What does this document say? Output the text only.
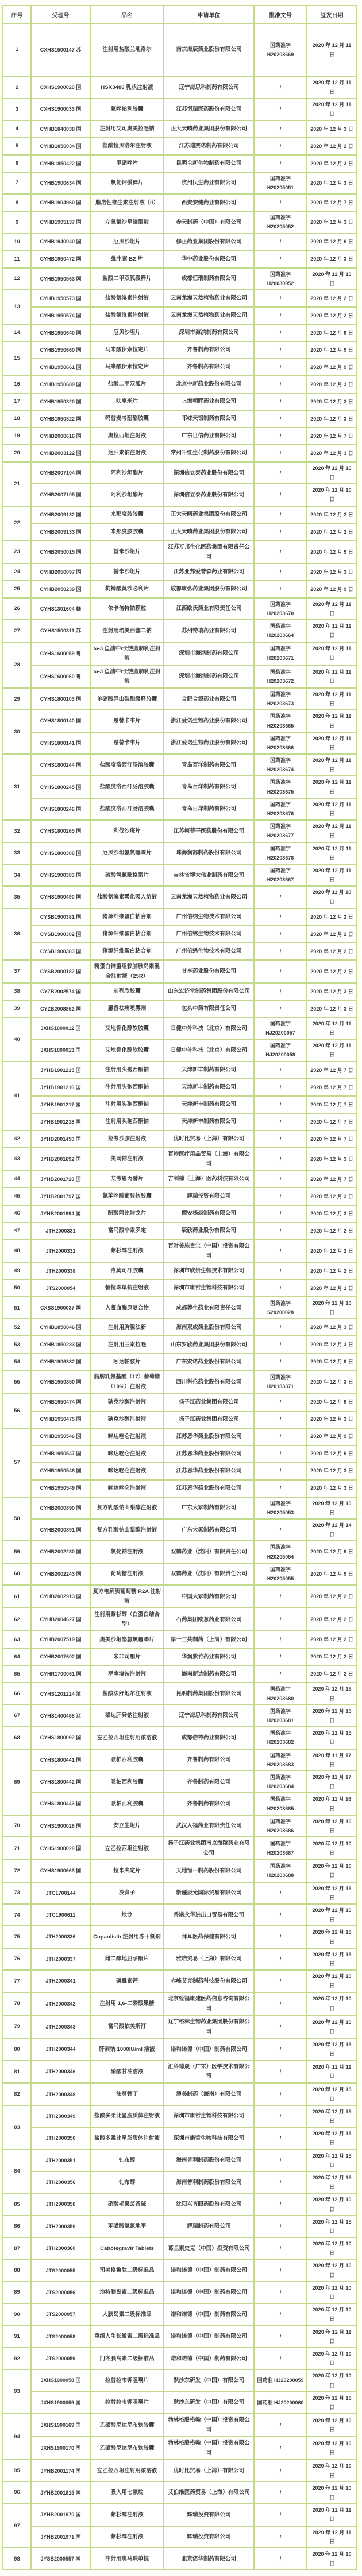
序号	受理号	品名	申请单位	批准文号	签发日期
1	CXHS1500147 苏	注射用盐酸兰地洛尔	南京海辰药业股份有限公司	国药准字 H20203669	2020 年 12 月 11 日
2	CXHS1900020 国	HSK3486 乳状注射液	辽宁海思科制药有限公司	/	2020 年 12 月 11 日
3	CXHS1900033 国	氟唑帕利胶囊	江苏恒瑞医药股份有限公司	/	2020 年 12 月 11 日
4	CYHB1840038 国	注射用艾司奥美拉唑钠	正大天晴药业集团股份有限公司	/	2020 年 12 月 3 日
5	CYHB1850034 国	盐酸拉贝洛尔注射液	江苏迪赛诺制药有限公司	/	2020 年 12 月 2 日
6	CYHB1850422 国	甲硝唑片	昆明全新生物制药有限公司	/	2020 年 12 月 3 日
7	CYHB1900634 国	氯化钾缓释片	杭州民生药业有限公司	国药准字 H20205051	2020 年 12 月 3 日
8	CYHB1904960 国	脂溶性维生素注射液（II）	西安安健药业有限公司	/	2020 年 12 月 7 日
9	CYHB1905137 国	左氧氟沙星滴眼液	参天制药（中国）有限公司	国药准字 H20205052	2020 年 12 月 3 日
10	CYHB1940040 国	厄贝沙坦片	修正药业集团股份有限公司	/	2020 年 12 月 9 日
11	CYHB1950472 国	维生素 B2 片	华中药业股份有限公司	/	2020 年 12 月 3 日
12	CYHB1950563 国	盐酸二甲双胍缓释片	成都恒瑞制药有限公司	国药准字 H20030952	2020 年 12 月 10 日
13	CYHB1950573 国	盐酸氨溴索注射液	云南龙海天然植物药业有限公司	/	2020 年 12 月 2 日
	CYHB1950574 国	盐酸氨溴索注射液	云南龙海天然植物药业有限公司	/	2020 年 12 月 2 日
14	CYHB1950640 国	厄贝沙坦片	深圳市海滨制药有限公司	/	2020 年 12 月 9 日
15	CYHB1950660 国	马来酸伊索拉定片	齐鲁制药有限公司	/	2020 年 12 月 9 日
	CYHB1950661 国	马来酸伊索拉定片	齐鲁制药有限公司	/	2020 年 12 月 9 日
16	CYHB1950689 国	盐酸二甲双胍片	北京中新药业股份有限公司	/	2020 年 12 月 3 日
17	CYHB1950820 国	呋塞米片	上海朝晖药业有限公司	/	2020 年 12 月 3 日
18	CYHB1950822 国	吗替麦考酚酯胶囊	邛崃天银制药有限公司	/	2020 年 12 月 3 日
19	CYHB2000616 国	奥拉西坦注射液	广东世信药业有限公司	/	2020 年 12 月 7 日
20	CYHB2003122 国	达肝素钠注射液	常州千红生化制药股份有限公司	/	2020 年 12 月 3 日
21	CYHB2007104 国	阿利沙坦酯片	深圳信立泰药业股份有限公司	/	2020 年 12 月 10 日
	CYHB2007105 国	阿利沙坦酯片	深圳信立泰药业股份有限公司	/	2020 年 12 月 10 日
22	CYHB2009132 国	来那度胺胶囊	正大天晴药业集团股份有限公司	/	2020 年 12 月 2 日
	CYHB2009133 国	来那度胺胶囊	正大天晴药业集团股份有限公司	/	2020 年 12 月 2 日
23	CYHB2050015 国	替米沙坦片	江苏万邦生化医药集团有限责任公司	/	2020 年 12 月 9 日
24	CYHB2050097 国	替米沙坦片	江苏亚邦爱普森药业有限公司	/	2020 年 12 月 3 日
25	CYHB2050239 国	枸橼酸莫沙必利片	成都康弘药业集团股份有限公司	/	2020 年 12 月 9 日
26	CYHS1301604 赣	依卡倍特钠颗粒	江西欧氏药业有限责任公司	国药准字 H20203670	2020 年 12 月 11 日
27	CYHS1500311 苏	注射用培美曲塞二钠	苏州特瑞药业有限公司	国药准字 H20203664	2020 年 12 月 11 日
28	CYHS1600059 粤	ω-3 鱼油中/长链脂肪乳注射液	深圳市海滨制药有限公司	国药准字 H20203671	2020 年 12 月 11 日
	CYHS1600060 粤	ω-3 鱼油中/长链脂肪乳注射液	深圳市海滨制药有限公司	国药准字 H20203672	2020 年 12 月 11 日
29	CYHS1800103 国	单硝酸异山梨酯缓释胶囊	合肥合源药业有限公司	国药准字 H20203673	2020 年 12 月 11 日
30	CYHS1800140 国	恩替卡韦片	浙江爱诺生物药业股份有限公司	国药准字 H20203665	2020 年 12 月 11 日
	CYHS1800141 国	恩替卡韦片	浙江爱诺生物药业股份有限公司	国药准字 H20203666	2020 年 12 月 11 日
31	CYHS1800244 国	盐酸度洛西汀肠溶胶囊	青岛百洋制药有限公司	国药准字 H20203674	2020 年 12 月 11 日
	CYHS1800245 国	盐酸度洛西汀肠溶胶囊	青岛百洋制药有限公司	国药准字 H20203675	2020 年 12 月 11 日
	CYHS1800246 国	盐酸度洛西汀肠溶胶囊	青岛百洋制药有限公司	国药准字 H20203676	2020 年 12 月 11 日
32	CYHS1800265 国	利伐沙班片	江苏柯菲平医药股份有限公司	国药准字 H20203677	2020 年 12 月 11 日
33	CYHS1800388 国	厄贝沙坦氢氯噻嗪片	珠海润都制药股份有限公司	国药准字 H20203678	2020 年 12 月 11 日
34	CYHS1900383 国	硫酸氢氯吡格雷片	吉林省博大伟业制药有限公司	国药准字 H20203667	2020 年 12 月 11 日
35	CYHS1900490 国	盐酸氨溴索雾化吸入溶液	云南龙海天然植物药业有限公司	/	2020 年 11 月 10 日
36	CYSB1900381 国	猪源纤维蛋白粘合剂	广州倍绣生物技术有限公司	/	2020 年 12 月 2 日
	CYSB1900382 国	猪源纤维蛋白粘合剂	广州倍绣生物技术有限公司	/	2020 年 12 月 2 日
	CYSB1900383 国	猪源纤维蛋白粘合剂	广州倍绣生物技术有限公司	/	2020 年 12 月 2 日
37	CYSB2000182 国	精蛋白锌重组赖脯胰岛素混合注射液（25R）	甘李药业股份有限公司	/	2020 年 12 月 2 日
38	CYZB2002574 国	前列欣胶囊	山东宏济堂制药集团股份有限公司	/	2020 年 12 月 3 日
39	CYZB2008852 国	麝香祛痛喷雾剂	包头中药有限责任公司	/	2020 年 12 月 3 日
40	JXHS1800012 国	艾地骨化醇软胶囊	日健中外科技（北京）有限公司	国药准字 HJ20200057	2020 年 12 月 11 日
	JXHS1800013 国	艾地骨化醇软胶囊	日健中外科技（北京）有限公司	国药准字 HJ20200058	2020 年 12 月 11 日
41	JYHB1901215 国	注射用头孢西酮钠	天津新丰制药有限公司	/	2020 年 12 月 7 日
	JYHB1901216 国	注射用头孢西酮钠	天津新丰制药有限公司	/	2020 年 12 月 7 日
	JYHB1901217 国	注射用头孢西酮钠	天津新丰制药有限公司	/	2020 年 12 月 7 日
	JYHB1901218 国	注射用头孢西酮钠	天津新丰制药有限公司	/	2020 年 12 月 7 日
42	JYHB2001450 国	拉考沙胺注射液	优时比贸易（上海）有限公司	/	2020 年 12 月 7 日
43	JYHB2001692 国	美司钠注射液	百特医疗用品贸易（上海）有限公司	/	2020 年 12 月 3 日
44	JYHB2001728 国	艾考恩丙替片	吉利德（上海）医药科技有限公司	/	2020 年 12 月 7 日
45	JYHB2001797 国	氯苯唑酸葡胺软胶囊	辉瑞投资有限公司	/	2020 年 12 月 3 日
46	JYHB2001994 国	醋酸阿比特龙片	西安杨森制药有限公司	/	2020 年 12 月 3 日
47	JTH2000331	富马酸非索罗定	辰欣药业股份有限公司	/	2020 年 12 月 2 日
48	JTH2000332	紫杉醇注射液	百时美施贵宝（中国）投资有限公司	/	2020 年 12 月 2 日
49	JTH2000338	洛莫司汀胶囊	深圳市欣妍生物技术有限公司	/	2020 年 12 月 2 日
50	JTS2000054	替拉珠单抗注射液	深圳市康哲生物科技有限公司	/	2020 年 12 月 1 日
51	CXSS1900037 国	人凝血酶原复合物	成都蓉生药业有限责任公司	国药准字 S20200028	2020 年 12 月 10 日
52	CYHB1850046 国	注射用胸腺法新	海南双成药业股份有限公司	/	2020 年 12 月 3 日
53	CYHB1850283 国	注射用兰索拉唑	山东罗欣药业集团股份有限公司	/	2020 年 12 月 3 日
54	CYHB1906332 国	吲达帕胺片	广东安诺药业股份有限公司	/	2020 年 12 月 9 日
55	CYHB1950350 国	脂肪乳氨基酸（17）葡萄糖（19%）注射液	四川科伦药业股份有限公司	国药准字 H20183371	2020 年 12 月 3 日
56	CYHB1950474 国	碘克沙醇注射液	扬子江药业集团有限公司	/	2020 年 12 月 9 日
	CYHB1950475 国	碘克沙醇注射液	扬子江药业集团有限公司	/	2020 年 12 月 3 日
57	CYHB1950546 国	咪达唑仑注射液	江苏恩华药业股份有限公司	/	2020 年 12 月 9 日
	CYHB1950547 国	咪达唑仑注射液	江苏恩华药业股份有限公司	/	2020 年 12 月 9 日
	CYHB1950548 国	咪达唑仑注射液	江苏恩华药业股份有限公司	/	2020 年 12 月 3 日
	CYHB1950549 国	咪达唑仑注射液	江苏恩华药业股份有限公司	/	2020 年 12 月 3 日
58	CYHB2000890 国	复方乳酸钠山梨醇注射液	广东大冢制药有限公司	国药准字 H20205053	2020 年 12 月 10 日
	CYHB2000891 国	复方乳酸钠山梨醇注射液	广东大冢制药有限公司	/	2020 年 12 月 14 日
59	CYHB2002230 国	氯化钠注射液	双鹤药业（沈阳）有限责任公司	国药准字 H20205054	2020 年 12 月 9 日
60	CYHB2002243 国	葡萄糖注射液	双鹤药业（沈阳）有限责任公司	国药准字 H20205055	2020 年 12 月 9 日
61	CYHB2002913 国	复方电解质葡萄糖 R2A 注射液	中国大冢制药有限公司	/	2020 年 12 月 2 日
62	CYHB2004627 国	注射用紫杉醇（白蛋白结合型）	石药集团欧意药业有限公司	/	2020 年 12 月 2 日
63	CYHB2007519 国	奥美沙坦酯氢氯噻嗪片	第一三共制药（上海）有限公司	/	2020 年 12 月 2 日
64	CYHB2007602 国	米非司酮片	华润紫竹药业有限公司	/	2020 年 12 月 2 日
65	CYHR1700061 国	罗库溴铵注射液	海南斯达制药有限公司	/	2020 年 12 月 2 日
66	CYHS1201224 滇	盐酸法舒地尔注射液	昆明制药集团股份有限公司	国药准字 H20203680	2020 年 12 月 15 日
67	CYHS1400458 辽	磺达肝癸钠注射液	辽宁海思科制药有限公司	国药准字 H20203681	2020 年 12 月 15 日
68	CYHS1800092 国	左乙拉西坦注射用浓溶液	成都倍特药业有限公司	国药准字 H20203682	2020 年 12 月 15 日
69	CYHS1800441 国	哌柏西利胶囊	齐鲁制药有限公司	国药准字 H20203683	2020 年 11 月 17 日
	CYHS1800442 国	哌柏西利胶囊	齐鲁制药有限公司	国药准字 H20203684	2020 年 11 月 17 日
	CYHS1800443 国	哌柏西利胶囊	齐鲁制药有限公司	国药准字 H20203685	2020 年 11 月 16 日
70	CYHS1900028 国	安立生坦片	武汉人福药业有限责任公司	国药准字 H20203686	2020 年 12 月 10 日
71	CYHS1900029 国	左乙拉西坦注射液	扬子江药业集团南京海陵药业有限公司	国药准字 H20203687	2020 年 12 月 10 日
72	CYHS1900663 国	拉米夫定片	天地恒一制药股份有限公司	国药准字 H20203688	2020 年 12 月 10 日
73	JTC1700144	没食子	新疆辰光国际贸易有限公司	/	2020 年 12 月 15 日
74	JTC1900611	地龙	香港永华进出口贸易有限公司	/	2020 年 12 月 10 日
75	JTH2000336	Copanlisib 注射用冻干制剂	拜耳医药保健有限公司	/	2020 年 12 月 15 日
76	JTH2000337	雌二醇地屈孕酮片	雅培贸易（上海）有限公司	/	2020 年 12 月 15 日
77	JTH2000341	磷霉素钙	赤峰艾克制药科技股份有限公司	/	2020 年 12 月 10 日
78	JTH2000342	注射用 1,6-二磷酸果糖	北京铨福康建医药信息咨询有限公司	/	2020 年 12 月 10 日
79	JTH2000343	富马酸依美斯汀	辽宁格林生物药业集团股份有限公司	/	2020 年 12 月 10 日
80	JTH2000344	肝素钠 1000IU/ml 溶液	诺和诺德（中国）制药有限公司	/	2020 年 12 月 15 日
81	JTH2000346	硝酸甘油溶液	汇科德晟（广东）医学技术有限公司	/	2020 年 12 月 11 日
82	JTH2000348	法莫替丁	澳美制药（海南）有限公司	/	2020 年 12 月 15 日
83	JTH2000349	盐酸多柔比星脂质体注射液	深圳市康哲生物科技有限公司	/	2020 年 12 月 15 日
	JTH2000350	盐酸多柔比星脂质体注射液	深圳市康哲生物科技有限公司	/	2020 年 12 月 15 日
84	JTH2000351	钆布醇	海南普利制药股份有限公司	/	2020 年 12 月 15 日
	JTH2000356	钆布醇	海南普利制药股份有限公司	/	2020 年 12 月 15 日
85	JTH2000358	硝酸毛果芸香碱	沈阳兴齐眼药股份有限公司	/	2020 年 12 月 10 日
86	JTH2000359	苯磺酸氨氯地平	辉瑞制药有限公司	/	2020 年 12 月 15 日
87	JTH2000360	Cabotegravir Tablets	葛兰素史克（中国）投资有限公司	/	2020 年 12 月 10 日
88	JTS2000055	司美格鲁肽二级标准品	诺和诺德（中国）制药有限公司	/	2020 年 12 月 10 日
89	JTS2000056	地特胰岛素二级标准品	诺和诺德（中国）制药有限公司	/	2020 年 12 月 10 日
90	JTS2000057	人胰岛素二级标准品	诺和诺德（中国）制药有限公司	/	2020 年 12 月 10 日
91	JTS2000058	重组人生长激素二级标准品	诺和诺德（中国）制药有限公司	/	2020 年 12 月 11 日
92	JTS2000059	门冬胰岛素二级标准品	诺和诺德（中国）制药有限公司	/	2020 年 12 月 10 日
93	JXHS1900058 国	拉替拉韦钾咀嚼片	默沙东研发（中国）有限公司	国药准 HJ20200059	2020 年 12 月 10 日
	JXHS1900059 国	拉替拉韦钾咀嚼片	默沙东研发（中国）有限公司	国药准 HJ20200060	2020 年 12 月 15 日
94	JXHS1900169 国	乙磺酸尼达尼布软胶囊	勃林格殷格翰（中国）投资有限公司	/	2020 年 12 月 10 日
	JXHS1900170 国	乙磺酸尼达尼布软胶囊	勃林格殷格翰（中国）投资有限公司	/	2020 年 12 月 10 日
95	JYHB2001174 国	左乙拉西坦注射用浓溶液	优时比贸易（上海）有限公司	/	2020 年 12 月 10 日
96	JYHB2001815 国	吸入用七氟烷	艾伯维医药贸易（上海）有限公司	/	2020 年 12 月 10 日
97	JYHB2001970 国	紫杉醇注射液	辉瑞投资有限公司	/	2020 年 12 月 11 日
	JYHB2001971 国	紫杉醇注射液	辉瑞投资有限公司	/	2020 年 12 月 11 日
98	JYSB2000557 国	注射用奥马珠单抗	北京诺华制药有限公司	/	2020 年 12 月 10 日
